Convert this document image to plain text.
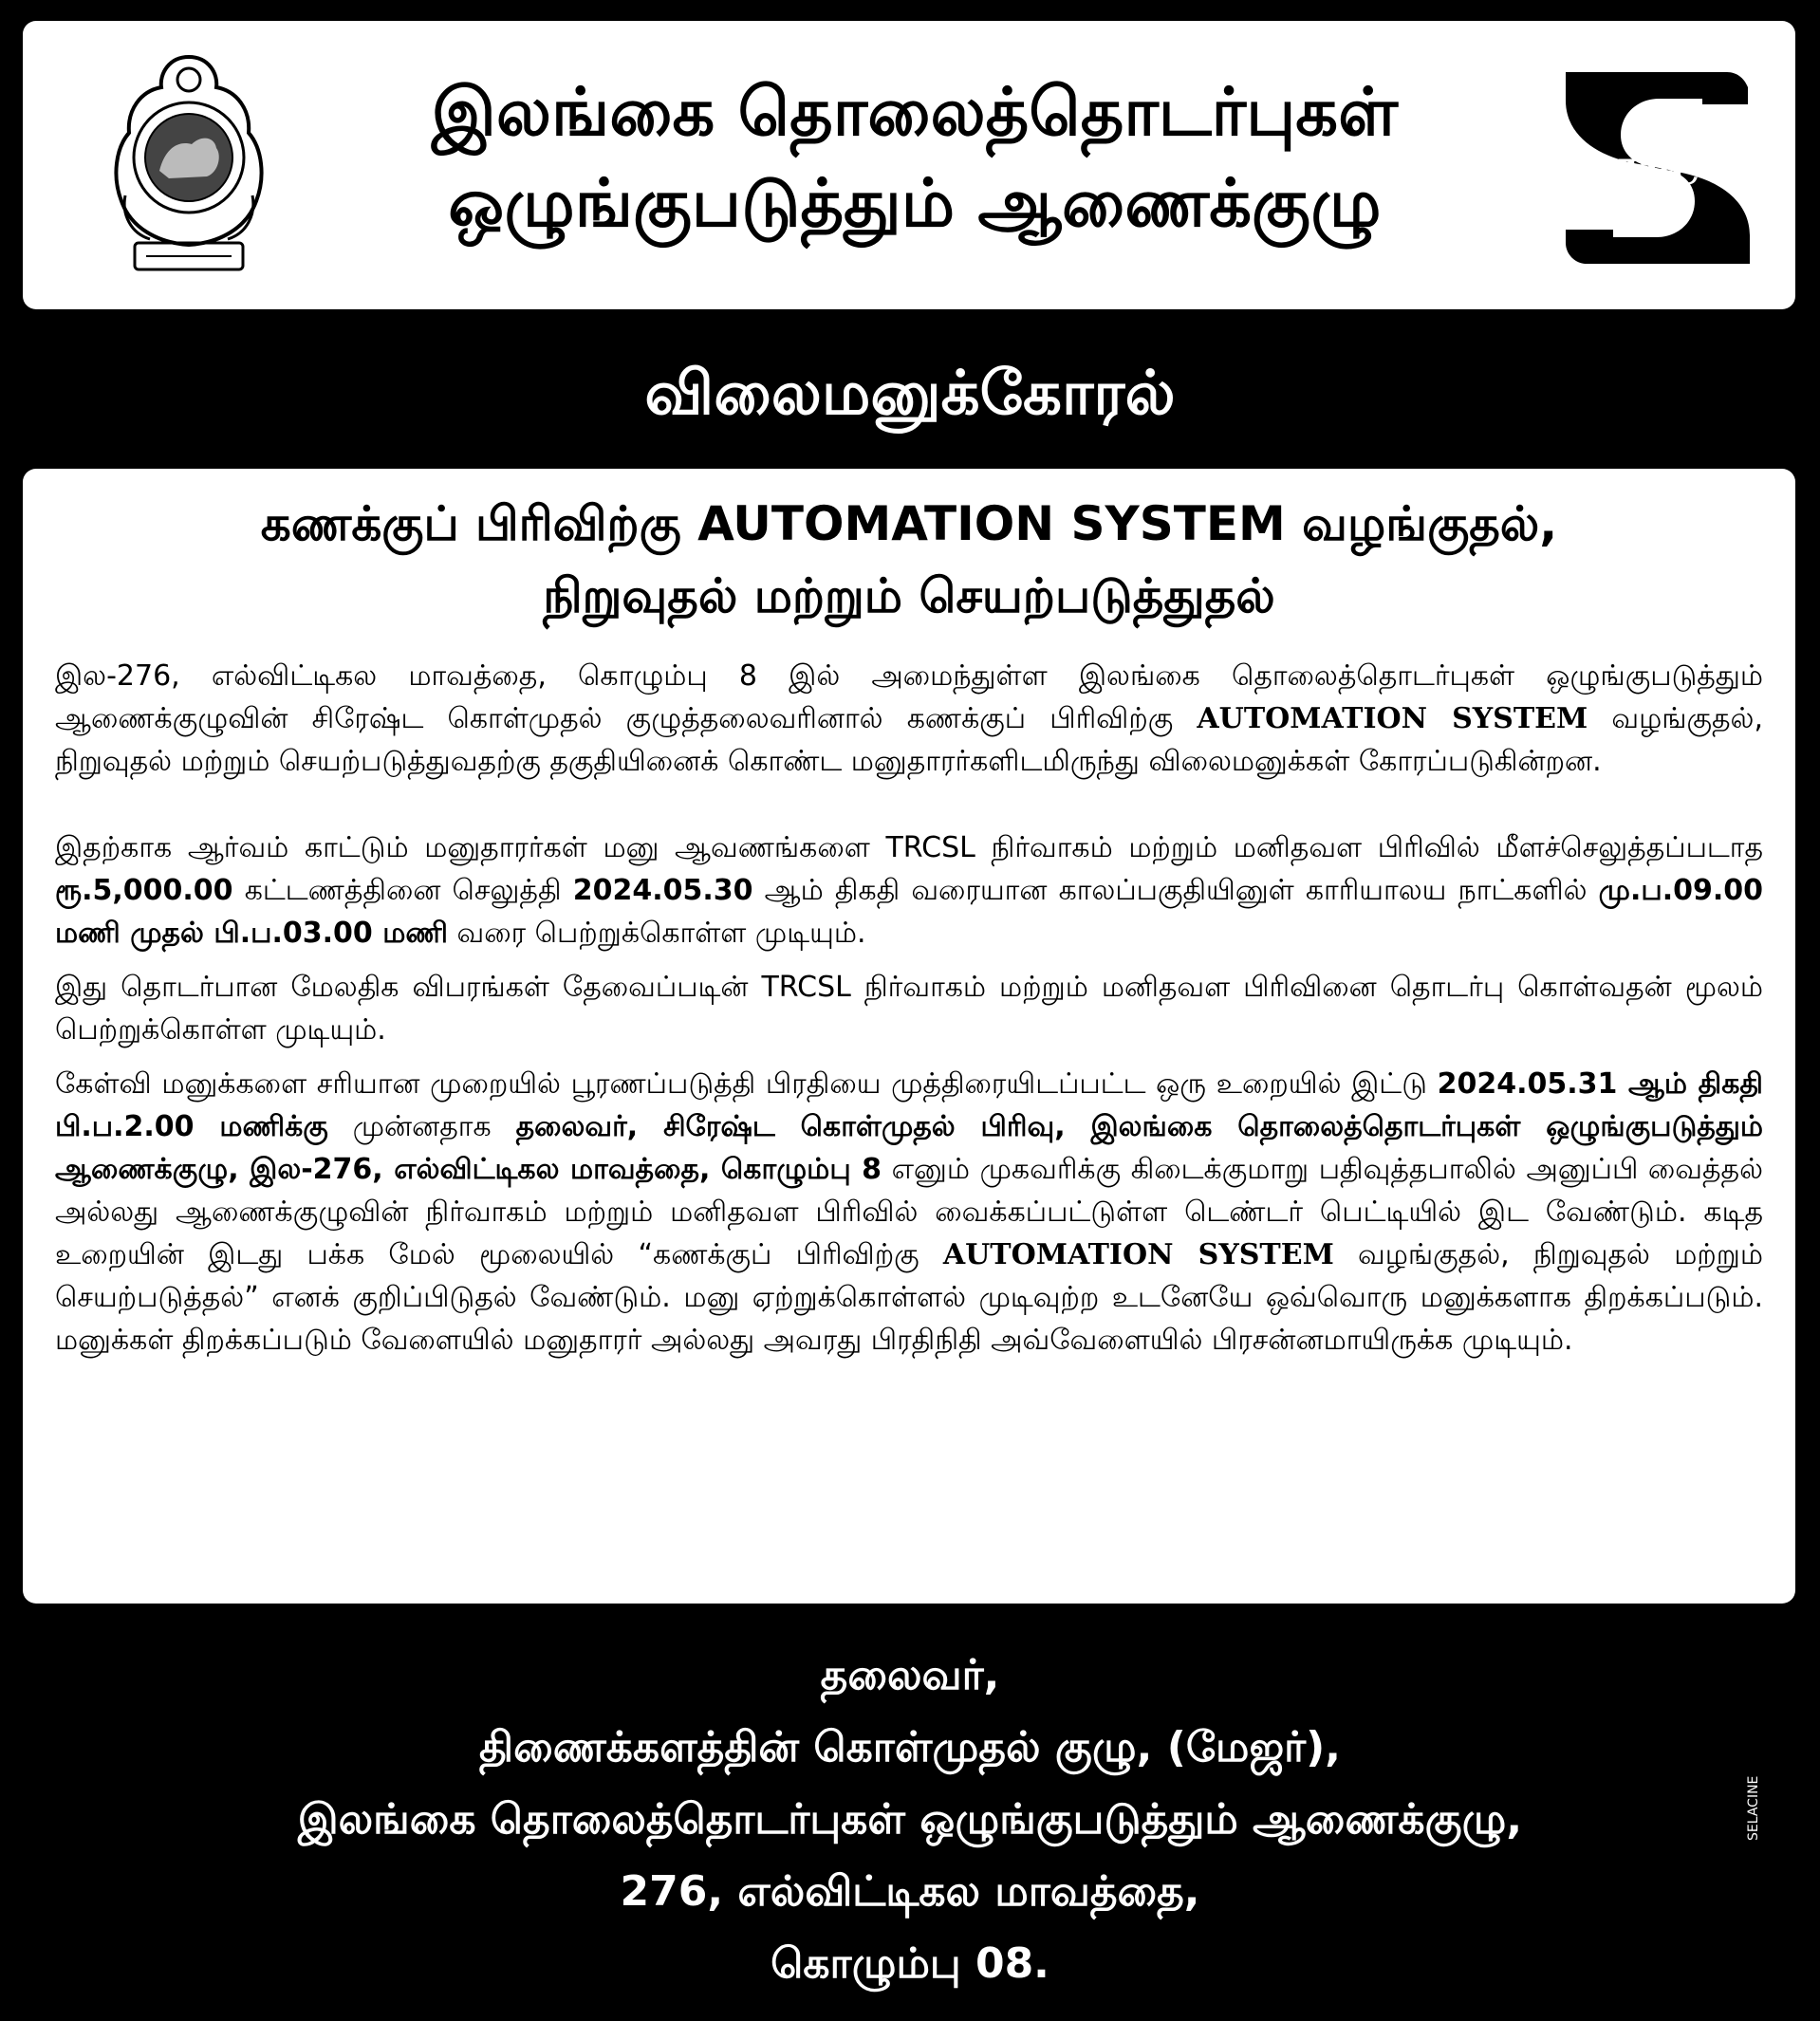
இலங்கை தொலைத்தொடர்புகள்
ஒழுங்குபடுத்தும் ஆணைக்குழு	TRC
விலைமனுக்கோரல்
கணக்குப் பிரிவிற்கு AUTOMATION SYSTEM வழங்குதல்,
நிறுவுதல் மற்றும் செயற்படுத்துதல்

இல-276, எல்விட்டிகல மாவத்தை, கொழும்பு 8 இல் அமைந்துள்ள இலங்கை தொலைத்தொடர்புகள் ஒழுங்குபடுத்தும் ஆணைக்குழுவின் சிரேஷ்ட கொள்முதல் குழுத்தலைவரினால் கணக்குப் பிரிவிற்கு AUTOMATION SYSTEM வழங்குதல், நிறுவுதல் மற்றும் செயற்படுத்துவதற்கு தகுதியினைக் கொண்ட மனுதாரர்களிடமிருந்து விலைமனுக்கள் கோரப்படுகின்றன.

இதற்காக ஆர்வம் காட்டும் மனுதாரர்கள் மனு ஆவணங்களை TRCSL நிர்வாகம் மற்றும் மனிதவள பிரிவில் மீளச்செலுத்தப்படாத ரூ.5,000.00 கட்டணத்தினை செலுத்தி 2024.05.30 ஆம் திகதி வரையான காலப்பகுதியினுள் காரியாலய நாட்களில் மு.ப.09.00 மணி முதல் பி.ப.03.00 மணி வரை பெற்றுக்கொள்ள முடியும்.

இது தொடர்பான மேலதிக விபரங்கள் தேவைப்படின் TRCSL நிர்வாகம் மற்றும் மனிதவள பிரிவினை தொடர்பு கொள்வதன் மூலம் பெற்றுக்கொள்ள முடியும்.

கேள்வி மனுக்களை சரியான முறையில் பூரணப்படுத்தி பிரதியை முத்திரையிடப்பட்ட ஒரு உறையில் இட்டு 2024.05.31 ஆம் திகதி பி.ப.2.00 மணிக்கு முன்னதாக தலைவர், சிரேஷ்ட கொள்முதல் பிரிவு, இலங்கை தொலைத்தொடர்புகள் ஒழுங்குபடுத்தும் ஆணைக்குழு, இல-276, எல்விட்டிகல மாவத்தை, கொழும்பு 8 எனும் முகவரிக்கு கிடைக்குமாறு பதிவுத்தபாலில் அனுப்பி வைத்தல் அல்லது ஆணைக்குழுவின் நிர்வாகம் மற்றும் மனிதவள பிரிவில் வைக்கப்பட்டுள்ள டெண்டர் பெட்டியில் இட வேண்டும். கடித உறையின் இடது பக்க மேல் மூலையில் “கணக்குப் பிரிவிற்கு AUTOMATION SYSTEM வழங்குதல், நிறுவுதல் மற்றும் செயற்படுத்தல்” எனக் குறிப்பிடுதல் வேண்டும். மனு ஏற்றுக்கொள்ளல் முடிவுற்ற உடனேயே ஒவ்வொரு மனுக்களாக திறக்கப்படும். மனுக்கள் திறக்கப்படும் வேளையில் மனுதாரர் அல்லது அவரது பிரதிநிதி அவ்வேளையில் பிரசன்னமாயிருக்க முடியும்.

தலைவர்,
திணைக்களத்தின் கொள்முதல் குழு, (மேஜர்),
இலங்கை தொலைத்தொடர்புகள் ஒழுங்குபடுத்தும் ஆணைக்குழு,
276, எல்விட்டிகல மாவத்தை,
கொழும்பு 08.
SELACINE
